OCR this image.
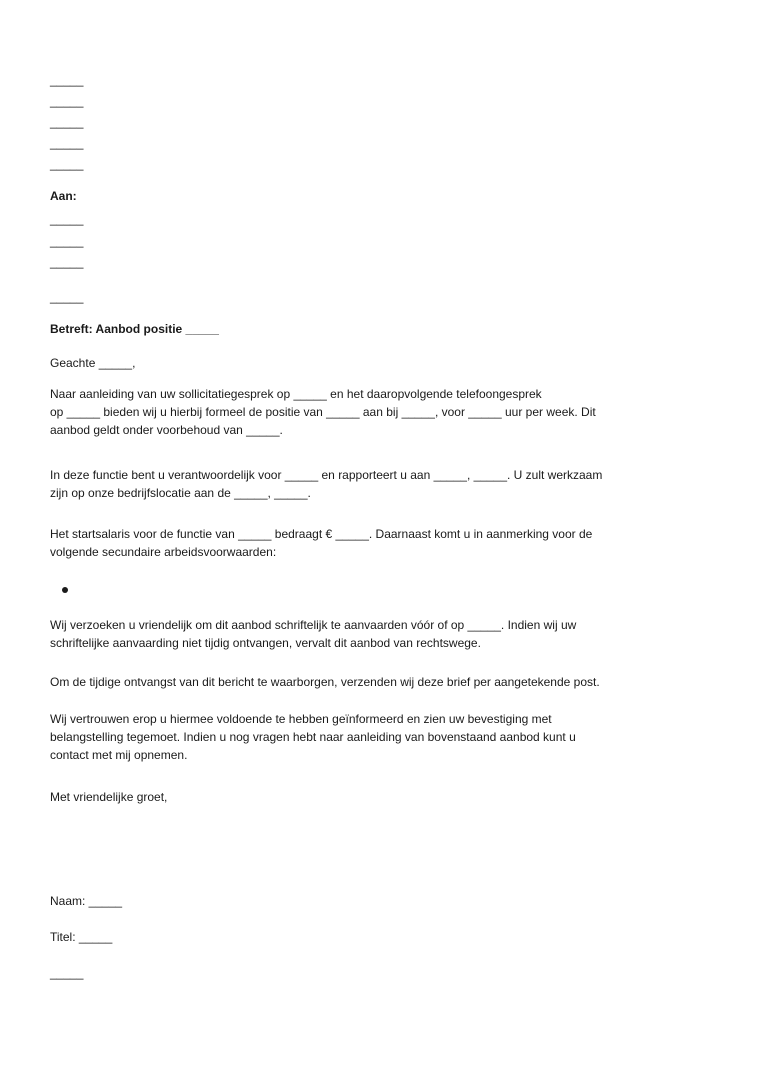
_____
_____
_____
_____
_____
Aan:
_____
_____
_____
_____
Betreft: Aanbod positie _____
Geachte _____,
Naar aanleiding van uw sollicitatiegesprek op _____ en het daaropvolgende telefoongesprek
op _____ bieden wij u hierbij formeel de positie van _____ aan bij _____, voor _____ uur per week. Dit
aanbod geldt onder voorbehoud van _____.
In deze functie bent u verantwoordelijk voor _____ en rapporteert u aan _____, _____. U zult werkzaam
zijn op onze bedrijfslocatie aan de _____, _____.
Het startsalaris voor de functie van _____ bedraagt € _____. Daarnaast komt u in aanmerking voor de
volgende secundaire arbeidsvoorwaarden:
Wij verzoeken u vriendelijk om dit aanbod schriftelijk te aanvaarden vóór of op _____. Indien wij uw
schriftelijke aanvaarding niet tijdig ontvangen, vervalt dit aanbod van rechtswege.
Om de tijdige ontvangst van dit bericht te waarborgen, verzenden wij deze brief per aangetekende post.
Wij vertrouwen erop u hiermee voldoende te hebben geïnformeerd en zien uw bevestiging met
belangstelling tegemoet. Indien u nog vragen hebt naar aanleiding van bovenstaand aanbod kunt u
contact met mij opnemen.
Met vriendelijke groet,
Naam: _____
Titel: _____
_____
